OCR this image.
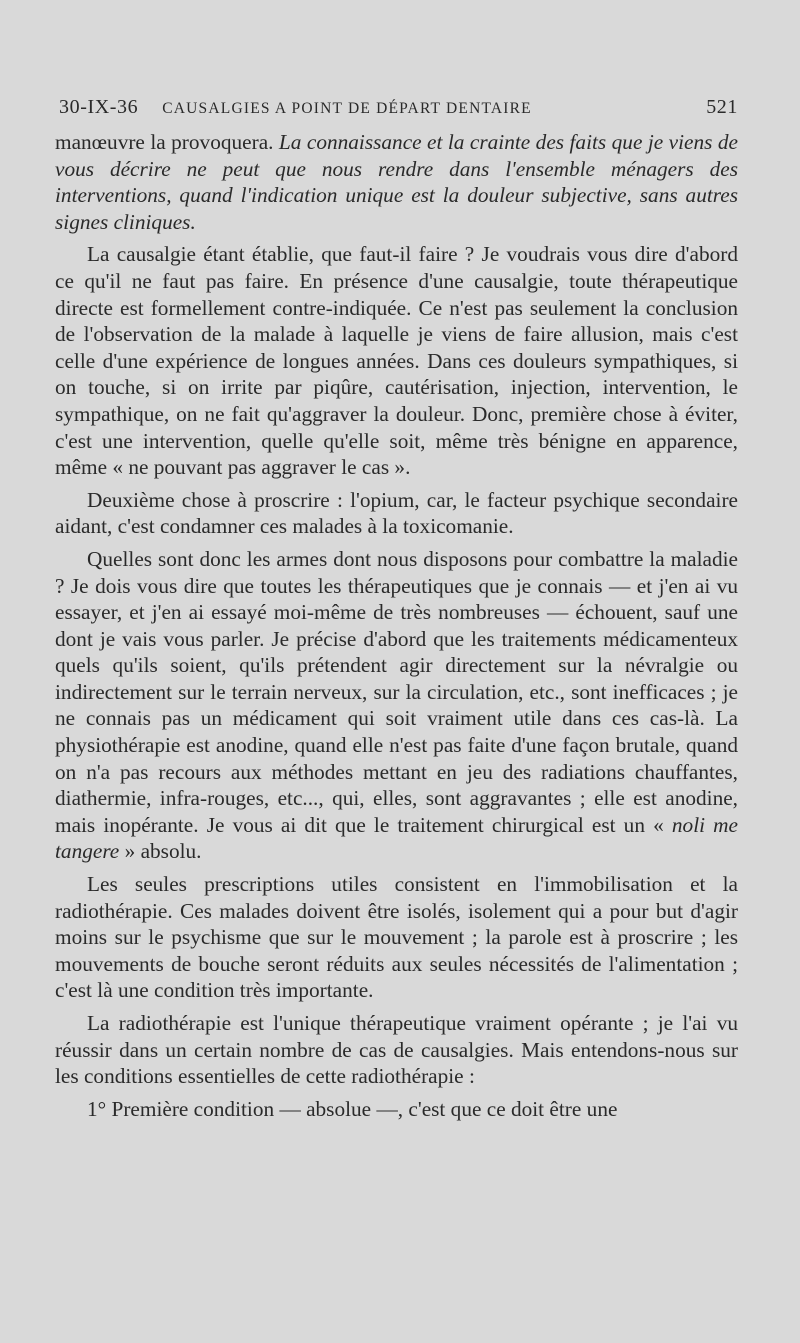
30-IX-36 CAUSALGIES A POINT DE DÉPART DENTAIRE	521

manœuvre la provoquera. La connaissance et la crainte des faits que je viens de vous décrire ne peut que nous rendre dans l'ensemble ménagers des interventions, quand l'indication unique est la douleur subjective, sans autres signes cliniques.

La causalgie étant établie, que faut-il faire ? Je voudrais vous dire d'abord ce qu'il ne faut pas faire. En présence d'une causalgie, toute thérapeutique directe est formellement contre-indiquée. Ce n'est pas seulement la conclusion de l'observation de la malade à laquelle je viens de faire allusion, mais c'est celle d'une expérience de longues années. Dans ces douleurs sympathiques, si on touche, si on irrite par piqûre, cautérisation, injection, intervention, le sympathique, on ne fait qu'aggraver la douleur. Donc, première chose à éviter, c'est une intervention, quelle qu'elle soit, même très bénigne en apparence, même « ne pouvant pas aggraver le cas ».

Deuxième chose à proscrire : l'opium, car, le facteur psychique secondaire aidant, c'est condamner ces malades à la toxicomanie.

Quelles sont donc les armes dont nous disposons pour combattre la maladie ? Je dois vous dire que toutes les thérapeutiques que je connais — et j'en ai vu essayer, et j'en ai essayé moi-même de très nombreuses — échouent, sauf une dont je vais vous parler. Je précise d'abord que les traitements médicamenteux quels qu'ils soient, qu'ils prétendent agir directement sur la névralgie ou indirectement sur le terrain nerveux, sur la circulation, etc., sont inefficaces ; je ne connais pas un médicament qui soit vraiment utile dans ces cas-là. La physiothérapie est anodine, quand elle n'est pas faite d'une façon brutale, quand on n'a pas recours aux méthodes mettant en jeu des radiations chauffantes, diathermie, infra-rouges, etc..., qui, elles, sont aggravantes ; elle est anodine, mais inopérante. Je vous ai dit que le traitement chirurgical est un « noli me tangere » absolu.

Les seules prescriptions utiles consistent en l'immobilisation et la radiothérapie. Ces malades doivent être isolés, isolement qui a pour but d'agir moins sur le psychisme que sur le mouvement ; la parole est à proscrire ; les mouvements de bouche seront réduits aux seules nécessités de l'alimentation ; c'est là une condition très importante.

La radiothérapie est l'unique thérapeutique vraiment opérante ; je l'ai vu réussir dans un certain nombre de cas de causalgies. Mais entendons-nous sur les conditions essentielles de cette radiothérapie :

1° Première condition — absolue —, c'est que ce doit être une
